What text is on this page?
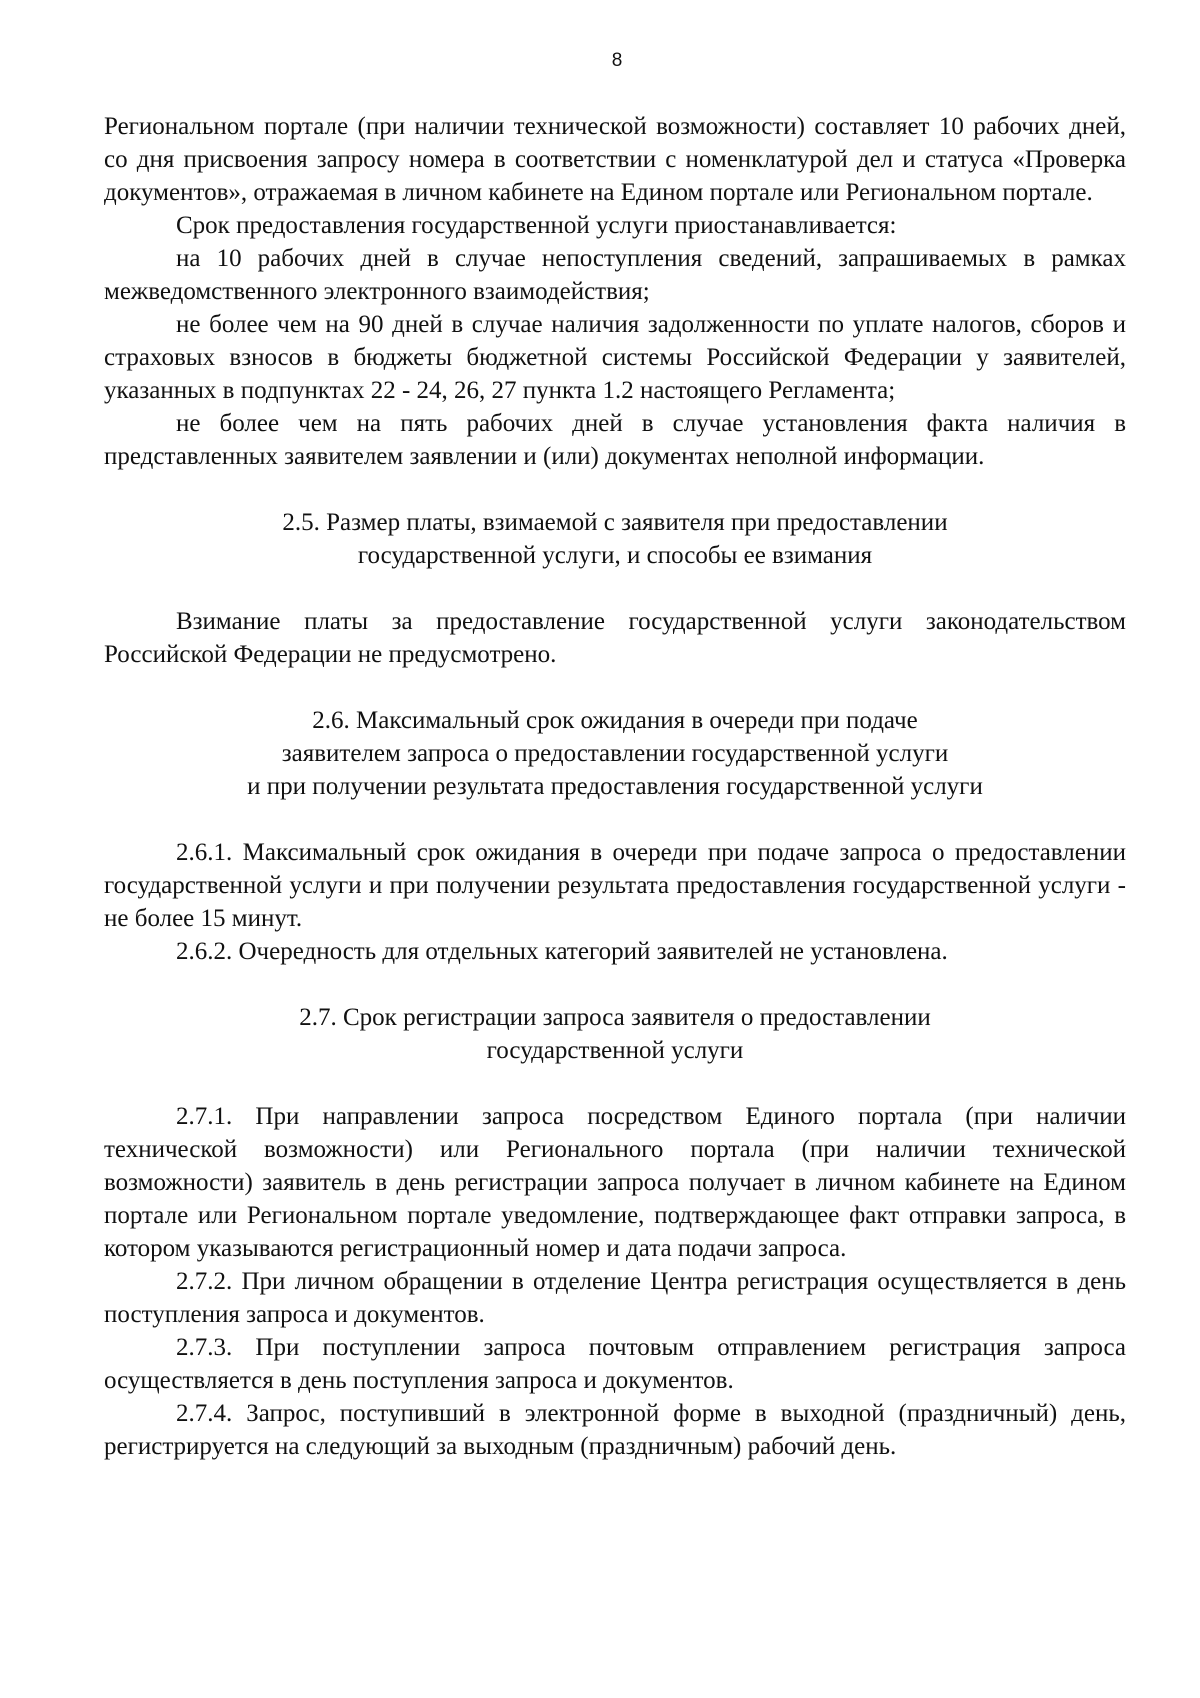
8

Региональном портале (при наличии технической возможности) составляет 10 рабочих дней, со дня присвоения запросу номера в соответствии с номенклатурой дел и статуса «Проверка документов», отражаемая в личном кабинете на Едином портале или Региональном портале.

Срок предоставления государственной услуги приостанавливается:

на 10 рабочих дней в случае непоступления сведений, запрашиваемых в рамках межведомственного электронного взаимодействия;

не более чем на 90 дней в случае наличия задолженности по уплате налогов, сборов и страховых взносов в бюджеты бюджетной системы Российской Федерации у заявителей, указанных в подпунктах 22 - 24, 26, 27 пункта 1.2 настоящего Регламента;

не более чем на пять рабочих дней в случае установления факта наличия в представленных заявителем заявлении и (или) документах неполной информации.

2.5. Размер платы, взимаемой с заявителя при предоставлении

государственной услуги, и способы ее взимания

Взимание платы за предоставление государственной услуги законодательством Российской Федерации не предусмотрено.

2.6. Максимальный срок ожидания в очереди при подаче

заявителем запроса о предоставлении государственной услуги

и при получении результата предоставления государственной услуги

2.6.1. Максимальный срок ожидания в очереди при подаче запроса о предоставлении государственной услуги и при получении результата предоставления государственной услуги - не более 15 минут.

2.6.2. Очередность для отдельных категорий заявителей не установлена.

2.7. Срок регистрации запроса заявителя о предоставлении

государственной услуги

2.7.1. При направлении запроса посредством Единого портала (при наличии технической возможности) или Регионального портала (при наличии технической возможности) заявитель в день регистрации запроса получает в личном кабинете на Едином портале или Региональном портале уведомление, подтверждающее факт отправки запроса, в котором указываются регистрационный номер и дата подачи запроса.

2.7.2. При личном обращении в отделение Центра регистрация осуществляется в день поступления запроса и документов.

2.7.3. При поступлении запроса почтовым отправлением регистрация запроса осуществляется в день поступления запроса и документов.

2.7.4. Запрос, поступивший в электронной форме в выходной (праздничный) день, регистрируется на следующий за выходным (праздничным) рабочий день.
